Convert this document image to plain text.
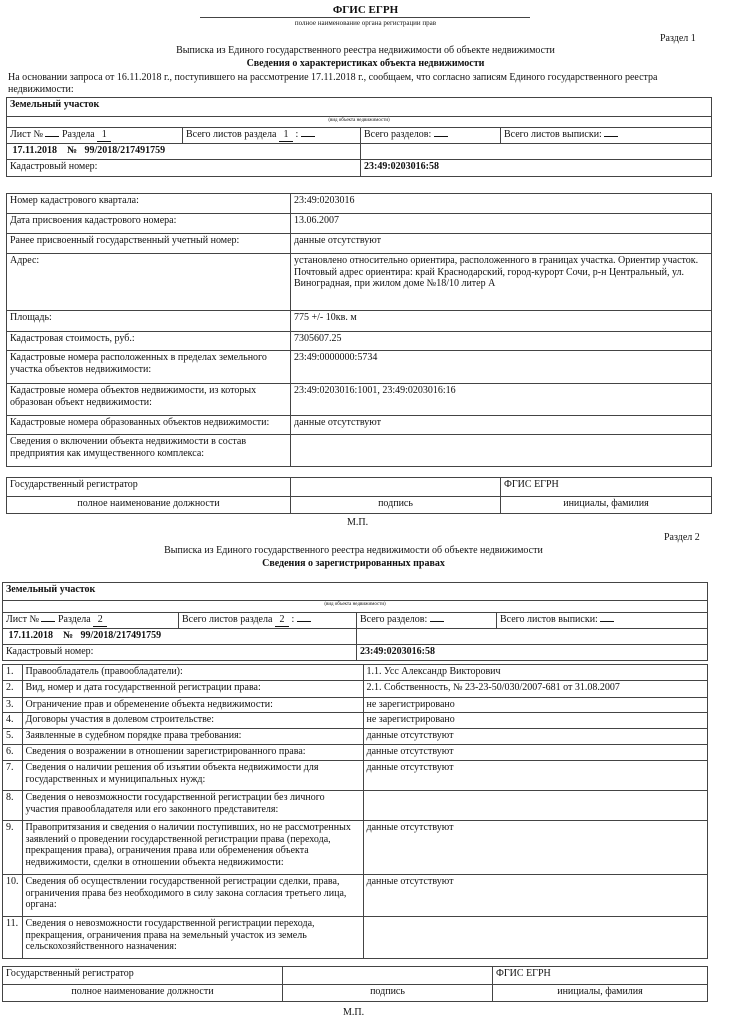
ФГИС ЕГРН
полное наименование органа регистрации прав
Раздел 1
Выписка из Единого государственного реестра недвижимости об объекте недвижимости
Сведения о характеристиках объекта недвижимости
На основании запроса от 16.11.2018 г., поступившего на рассмотрение 17.11.2018 г., сообщаем, что согласно записям Единого государственного реестра недвижимости:
Земельный участок			
(вид объекта недвижимости)			
Лист № Раздела 1	Всего листов раздела 1 :	Всего разделов:	Всего листов выписки:
17.11.2018 № 99/2018/217491759			
Кадастровый номер:		23:49:0203016:58	
Номер кадастрового квартала:	23:49:0203016
Дата присвоения кадастрового номера:	13.06.2007
Ранее присвоенный государственный учетный номер:	данные отсутствуют
Адрес:	установлено относительно ориентира, расположенного в границах участка. Ориентир участок.
Почтовый адрес ориентира: край Краснодарский, город-курорт Сочи, р-н Центральный, ул. Виноградная, при жилом доме №18/10 литер А

Площадь:	775 +/- 10кв. м
Кадастровая стоимость, руб.:	7305607.25
Кадастровые номера расположенных в пределах земельного участка объектов недвижимости:	23:49:0000000:5734
Кадастровые номера объектов недвижимости, из которых образован объект недвижимости:	23:49:0203016:1001, 23:49:0203016:16
Кадастровые номера образованных объектов недвижимости:	данные отсутствуют
Сведения о включении объекта недвижимости в состав предприятия как имущественного комплекса:	
Государственный регистратор		ФГИС ЕГРН
полное наименование должности	подпись	инициалы, фамилия
М.П.
Раздел 2
Выписка из Единого государственного реестра недвижимости об объекте недвижимости
Сведения о зарегистрированных правах
Земельный участок			
(вид объекта недвижимости)			
Лист № Раздела 2	Всего листов раздела 2 :	Всего разделов:	Всего листов выписки:
17.11.2018 № 99/2018/217491759			
Кадастровый номер:		23:49:0203016:58	
1.	Правообладатель (правообладатели):	1.1. Усс Александр Викторович
2.	Вид, номер и дата государственной регистрации права:	2.1. Собственность, № 23-23-50/030/2007-681 от 31.08.2007
3.	Ограничение прав и обременение объекта недвижимости:	не зарегистрировано
4.	Договоры участия в долевом строительстве:	не зарегистрировано
5.	Заявленные в судебном порядке права требования:	данные отсутствуют
6.	Сведения о возражении в отношении зарегистрированного права:	данные отсутствуют
7.	Сведения о наличии решения об изъятии объекта недвижимости для государственных и муниципальных нужд:	данные отсутствуют
8.	Сведения о невозможности государственной регистрации без личного участия правообладателя или его законного представителя:	
9.	Правопритязания и сведения о наличии поступивших, но не рассмотренных заявлений о проведении государственной регистрации права (перехода, прекращения права), ограничения права или обременения объекта недвижимости, сделки в отношении объекта недвижимости:	данные отсутствуют
10.	Сведения об осуществлении государственной регистрации сделки, права, ограничения права без необходимого в силу закона согласия третьего лица, органа:	данные отсутствуют
11.	Сведения о невозможности государственной регистрации перехода, прекращения, ограничения права на земельный участок из земель сельскохозяйственного назначения:	
Государственный регистратор		ФГИС ЕГРН
полное наименование должности	подпись	инициалы, фамилия
М.П.
